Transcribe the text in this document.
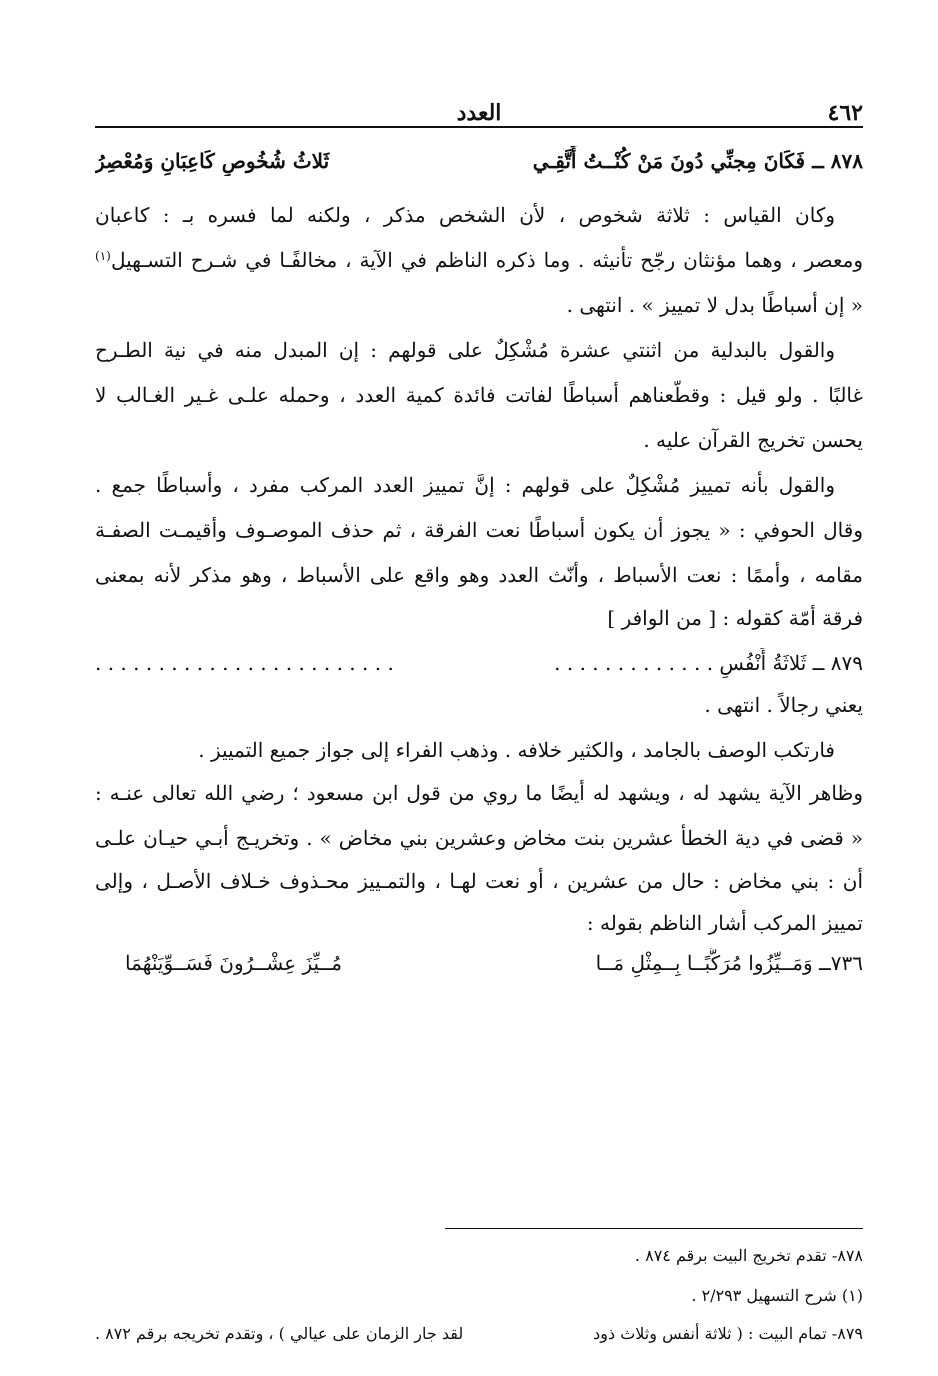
٤٦٢
العدد
٨٧٨ ــ فَكَانَ مِجنِّي دُونَ مَنْ كُنْــتُ أَتَّقِـي
ثَلاثُ شُخُوصٍ كَاعِبَانِ وَمُعْصِرُ
وكان القياس : ثلاثة شخوص ، لأن الشخص مذكر ، ولكنه لما فسره بـ : كاعبان
ومعصر ، وهما مؤنثان رجّح تأنيثه . وما ذكره الناظم في الآية ، مخالفًـا في شـرح التسـهيل
(١)
« إن أسباطًا بدل لا تمييز » . انتهى .
والقول بالبدلية من اثنتي عشرة مُشْكِلٌ على قولهم : إن المبدل منه في نية الطـرح
غالبًا . ولو قيل : وقطّعناهم أسباطًا لفاتت فائدة كمية العدد ، وحمله علـى غـير الغـالب لا
يحسن تخريج القرآن عليه .
والقول بأنه تمييز مُشْكِلٌ على قولهم : إنَّ تمييز العدد المركب مفرد ، وأسباطًا جمع .
وقال الحوفي : « يجوز أن يكون أسباطًا نعت الفرقة ، ثم حذف الموصـوف وأقيمـت الصفـة
مقامه ، وأممًا : نعت الأسباط ، وأنّث العدد وهو واقع على الأسباط ، وهو مذكر لأنه بمعنى
فرقة أمّة كقوله : [ من الوافر ]
٨٧٩ ــ ثَلاثَةُ أَنْفُسٍ . . . . . . . . . . . . .
. . . . . . . . . . . . . . . . . . . . . . . .
يعني رجالاً . انتهى .
فارتكب الوصف بالجامد ، والكثير خلافه . وذهب الفراء إلى جواز جميع التمييز .
وظاهر الآية يشهد له ، ويشهد له أيضًا ما روي من قول ابن مسعود ؛ رضي الله تعالى عنـه :
« قضى في دية الخطأ عشرين بنت مخاض وعشرين بني مخاض » . وتخريـج أبـي حيـان علـى
أن : بني مخاض : حال من عشرين ، أو نعت لهـا ، والتمـييز محـذوف خـلاف الأصـل ، وإلى
تمييز المركب أشار الناظم بقوله :
٧٣٦ــ وَمَــيِّزُوا مُرَكَّبًــا بِــمِثْلِ مَــا
مُــيِّزَ عِشْــرُونَ فَسَــوِّيَنْهُمَا
٨٧٨- تقدم تخريج البيت برقم ٨٧٤ .
(١) شرح التسهيل ٢/٢٩٣ .
٨٧٩- تمام البيت : ( ثلاثة أنفس وثلاث ذود
لقد جار الزمان على عيالي ) ، وتقدم تخريجه برقم ٨٧٢ .
